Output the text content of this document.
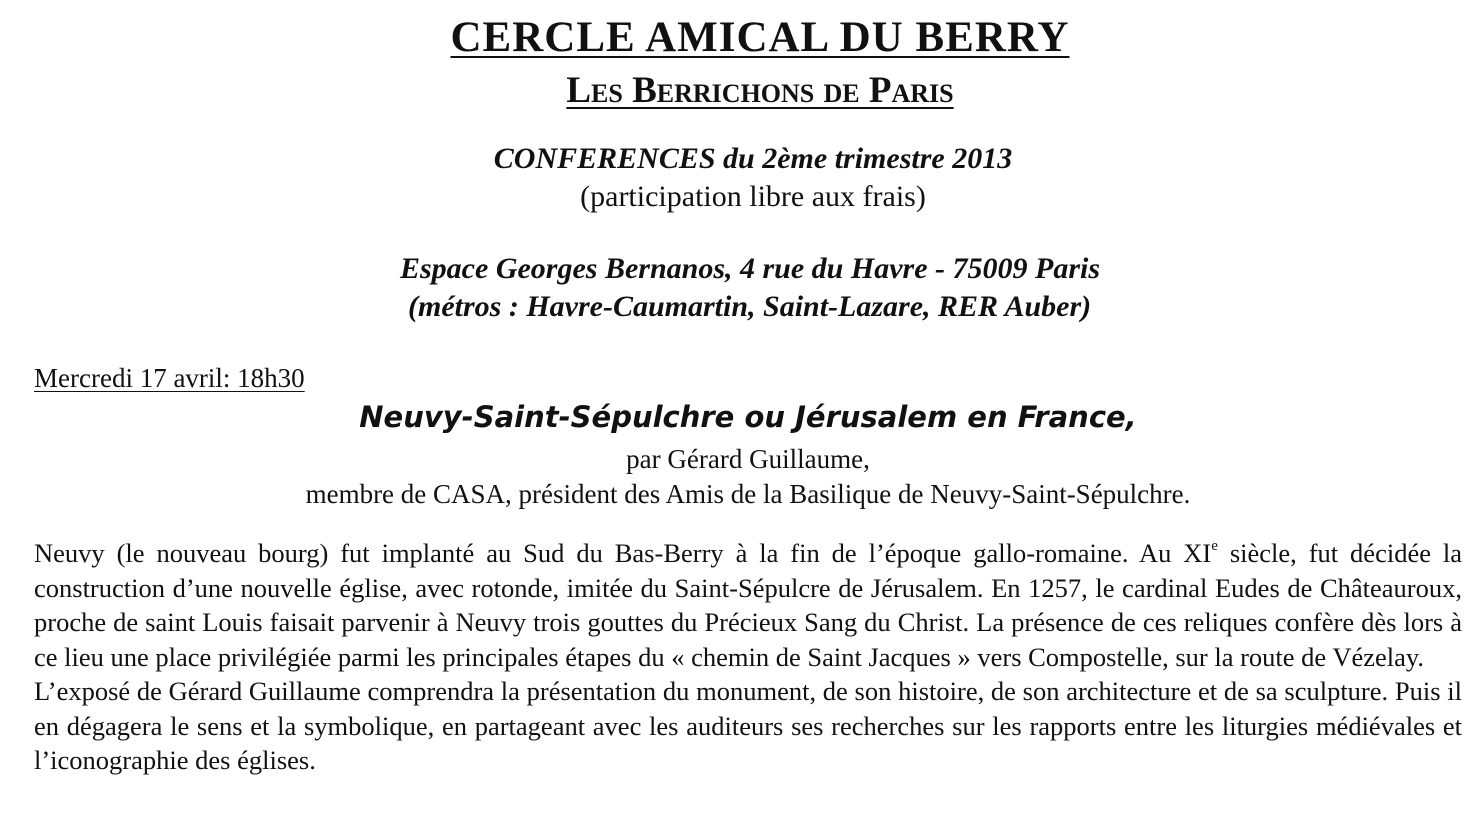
CERCLE AMICAL DU BERRY
Les Berrichons de Paris
CONFERENCES du 2ème trimestre 2013
(participation libre aux frais)
Espace Georges Bernanos, 4 rue du Havre - 75009 Paris
(métros : Havre-Caumartin, Saint-Lazare, RER Auber)
Mercredi 17 avril: 18h30
Neuvy-Saint-Sépulchre ou Jérusalem en France,
par Gérard Guillaume,
membre de CASA, président des Amis de la Basilique de Neuvy-Saint-Sépulchre.

Neuvy (le nouveau bourg) fut implanté au Sud du Bas-Berry à la fin de l’époque gallo-romaine. Au XIe siècle, fut décidée la construction d’une nouvelle église, avec rotonde, imitée du Saint-Sépulcre de Jérusalem. En 1257, le cardinal Eudes de Châteauroux, proche de saint Louis faisait parvenir à Neuvy trois gouttes du Précieux Sang du Christ. La présence de ces reliques confère dès lors à ce lieu une place privilégiée parmi les principales étapes du « chemin de Saint Jacques » vers Compostelle, sur la route de Vézelay.

L’exposé de Gérard Guillaume comprendra la présentation du monument, de son histoire, de son architecture et de sa sculpture. Puis il en dégagera le sens et la symbolique, en partageant avec les auditeurs ses recherches sur les rapports entre les liturgies médiévales et l’iconographie des églises.
